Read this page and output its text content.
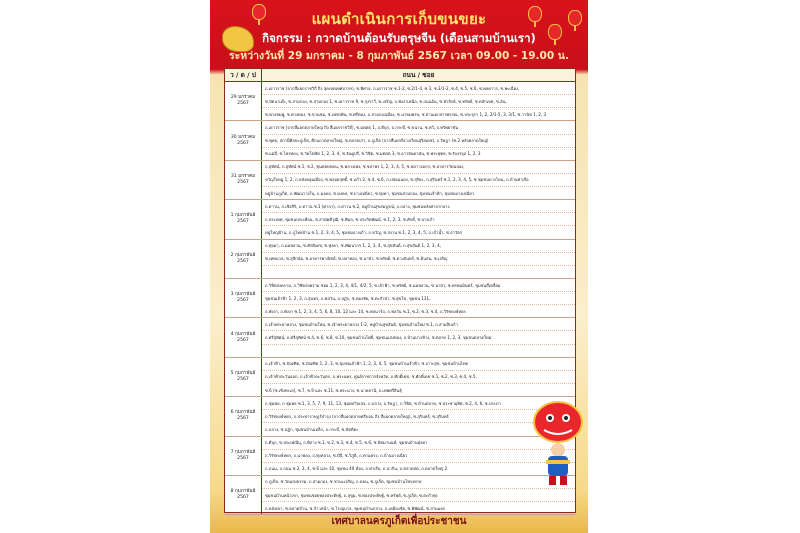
แผนดำเนินการเก็บขนขยะ
กิจกรรม : กวาดบ้านต้อนรับตรุษจีน (เดือนสามบ้านเรา)
ระหว่างวันที่ 29 มกราคม - 8 กุมภาพันธ์ 2567 เวลา 09.00 - 19.00 น.
ว / ด / ป	ถนน / ซอย
29 มกราคม
2567
ถ.เยาวราช (จากสี่แยกราชวิถี ถึง สุดเขตเทศบาลฯ), ซ.พิศาล, ถ.เยาวราช ซ.1-2, ซ.2/1-4, ซ.3, ซ.3/1-2, ซ.4, ซ.5, ซ.6, ซ.พลดาวร, ซ.พะเนียง,
ซ.ปัตนาเด๊ะ, ซ.สามกอง, ซ.สามกอง 1, ซ.เยาวราช 9, ซ.รุ่งราวี, ซ.เจริญ, ถ.พังงาเหนือ, ซ.ถนนอ้น, ซ.หัวสิงห์, ซ.ทรัพย์, ซ.หลักเขต, ซ.อัน,
ซ.พวงชมพู, ซ.พวงทอง, ซ.ขวนชม, ซ.เพชรพิน, ซ.ศรีทอง, ถ.สามกองเมือง, ซ.นาขมพรบ, ซ.ย่านเอกสารพรรณ, ซ.ประจุรา 1, 2, 2/1-5, 3, 3/1, ซ.วานิช 1, 2, 3
30 มกราคม
2567
ถ.เยาวราช (จากสี่แยกตลาดใหญ่ ถึง สี่แยกราชวิถี), ซ.มตตต 1, ถ.ดีบุก, ถ.กระบี่, ซ.ขนาน, ซ.ทวิ, ถ.ทรัพยาขัน
ซ.พุทธ, สถานีศิลปะภูเก็ต, ตึกแถวตลาดใหญ่, ซ.ตลาดเก่า, ถ.ภูเก็ต (จากสี่แยกถึงวงเวียนสุริยเดช), ถ.รัษฎา (ซ.2 หลังตลาดใหญ่)
ซ.แม่ลี่, ซ.ไทรทอง, ซ.วัดโฆษิต 1, 2, 3, 4, ซ.จันดูปรี, ซ.วิชิต, ซ.มตตต 3, ซ.อาวอันดามัน, ซ.พระพุทธ, ซ.รับงรจุล 1, 2, 3
31 มกราคม
2567
ถ.สุทัศน์, ถ.สุทัศน์ ซ.1, ซ.2, ซุนหยบขคน, ซ.พลวงเพ่ง, ซ.ชลาพร 1, 2, 3, 4, 5, ซ.พลาวงอกก, ซ.อาคารวัดฉลอง,
ขวัญใจหมู่ 1, 2, ถ.หลังคลุมเมือง, ซ.พลอยสุทธิ์, ซ.แก้ว 2, ซ.4, ซ.6, ถ.ปล่อนนอง, ซ.สุริยะ, ถ.สุรินทร์ ซ.1, 2, 3, 4, 5, ซ.ชุมชนบางโดน, ถ.บ้านท่าเรือ
หมู่บ้านภูเก็ต, ถ.พัฒนาวงใน, ถ.มงคล, ซ.มงคล, ซ.บางเหนียว, ซ.ทุ่งคา, ชุมชนสามกอง, ชุมชนเจ้าฟ้า, ชุมชนบางเหนียว
1 กุมภาพันธ์
2567
ถ.ด่าวน, ถ.เชิงสิริ, ถ.ด่าวน ซ.1 (ศาลา), ถ.ด่าวน ซ.2, หมู่บ้านสุขสมบูรณ์, ถ.ถลาง, ชุมชนหลังศาลากลาง
ถ.ประเทศ, ชุมชนประเทือน, ซ.สามัคคีวุฒิ, ซ.พิมล, ซ.ประกิตพัฒน์, ซ.1, 2, 3, ซ.ศักดิ์, ซ.บางเก้า
หมู่ใหญ่บ้าน, ถ.ภูไทยบ้าน ซ.1, 2, 3, 4, 5, ชุมชนบางเก้า, ถ.ขวัญ, ซ.สงวน ซ.1, 2, 3, 4, 5, ถ.เก้าน้ำ, ซ.สาวัตร
2 กุมภาพันธ์
2567
ถ.ทุ่งคา, ถ.แม่หลวน, ซ.ศักดิเดช, ซ.ทุ่งคา, ซ.พัฒนากร 1, 2, 3, 4, ซ.สุขสันต์, ถ.สุขสันต์ 1, 2, 3, 4,
ซ.เทพนวล, ซ.สุสิกนัย, ซ.อาคารพาณิชย์, ซ.ปลาทอง, ซ.นาบัว, ซ.ทรัพย์, ซ.ดวงจันทร์, ซ.ต้นสน, ซ.เจริญ
3 กุมภาพันธ์
2567
ถ.วิชิตสงคราม, ถ.วิชิตสงคราม ซอย 1, 2, 3, 4, 4/1, 4/2, 5, ซ.เจ้าฟ้า, ซ.ทรัพย์, ซ.แม่หลวน, ซ.นาบัว, ซ.พรหมมินทร์, ชุมชนสี่เหลี่ยม
ชุมชนเจ้าฟ้า 1, 2, 3, ถ.สุนทร, ถ.พลวัน, ถ.ปฏัก, ซ.ทองชัย, ซ.ตะกั่วป่า, ซ.สุขโข, ชุมชน 131,
ถ.พังงา, ถ.พังงา ซ.1, 2, 3, 4, 5, 6, 8, 10, 12 และ 14, ซ.พลนาร์ถ, ถ.พลวัน ซ.1, ซ.2, ซ.3, ซ.4, ถ.วิรัชหงษ์หยก
4 กุมภาพันธ์
2567
ถ.เจ้าพระยาหลวง, ชุมชนบ้านใหม่, ซ.เจ้าพระยาหลวง 1-2, หมู่บ้านสุขสันต์, ชุมชนบ้านใหม่ ซ.1, ถ.สามสิบเก้า
ถ.ศรีสุทัศน์, ถ.ศรีสุทัศน์ ซ.4, ซ.6, ซ.8, ซ.10, ชุมชนบ้านโพธิ์, ชุมชนแสงทอง, ถ.บ้านบางช้าง, ซ.ตลาด 1, 2, 3, ชุมชนตลาดใหม่
5 กุมภาพันธ์
2567
ถ.เจ้าฟ้า, ซ.ปัณฑิต, ซ.ปัณฑิต 1, 2, 3, ซ.ชุมชนเจ้าฟ้า 1, 2, 3, 4, 5, ชุมชนบ้านเจ้าฟ้า, ซ.เกาะสุข, ชุมชนบ้านไทย
ถ.เจ้าฟ้าตะวันออก, ถ.เจ้าฟ้าตะวันตก, ถ.พระนคร, ศูนย์ราชการจังหวัด, ถ.ศักดิ์เดช, ซ.ศักดิ์เดช ซ.1, ซ.2, ซ.3, ซ.4, ซ.5,
ซ.6 (ซ.เชิงทะเล), ซ.7, ซ.9 และ ซ.11, ซ.พระนาง, ซ.นาคธานี, ถ.เทพศรีสินธุ์
6 กุมภาพันธ์
2567
ถ.ชุมพล, ถ.ชุมพล ซ.1, 3, 5, 7, 9, 11, 13, ชุมพลวิลเลจ, ถ.ถลาง, ถ.รัษฎา, ถ.วิชิต, ซ.บ้านตลาด, ซ.ประชาอุทิศ, ซ.2, 4, 6, ซ.ประปา
ถ.วิรัชหงษ์หยก, ถ.ประชาราษฎร์บำรุง (จากสี่แยกตลาดศรีบอน ถึง สี่แยกตลาดใหญ่), ซ.สุรินทร์, ซ.สุรินทร์
ถ.ถลาง, ซ.ปฏัก, ชุมชนบ้านเหล็ก, ถ.กระบี่, ซ.ขัตติยะ
7 กุมภาพันธ์
2567
ถ.ดีบุก, ซ.ประเพณีบุ, ถ.ทิลวง ซ.1, ซ.2, ซ.3, ซ.4, ซ.5, ซ.6, ซ.ปัทมานนท์, ชุมชนบ้านทุ่งคา
ถ.วิรัชหงษ์หยก, ถ.นาพลง, ถ.ทุ่งหลวง, ซ.บีบี, ซ.วิภูติ, ถ.ท่าแครง, ถ.บ้านบางเนียว
ถ.ถนน, ถ.ถนน ซ.2, 3, 4, ซ.6 และ 10, ชุมชน 40 ห้อง, ถ.ท่าเรือ, ถ.นากิน, ถ.ตลาดสด, ถ.ตลาดใหญ่ 2
8 กุมภาพันธ์
2567
ถ.ภูเก็ต, ซ.วัดแสงธรรม, ถ.สามกอง, ซ.ชวนะเจริญ, ถ.ดอน, ซ.ภูเก็ต, ชุมชนบ้านโพรงหาย
ชุมชนบ้านหน้าเขา, ชุมชนซอยทองประดิษฐ์, ถ.สุขุม, ซ.ทองประดิษฐ์, ซ.ทรัพย์, ซ.ภูเก็ต, ซ.ตะกั่วทุ่ง
ถ.หลังเขา, ซ.ตลาดบ้าน, ซ.ก้าวหน้า, ซ.โรงอุบาล, ชุมชนบ้านกลาง, ถ.เหมืองชัย, ซ.พิพัฒน์, ซ.สามแยก
เทศบาลนครภูเก็ตเพื่อประชาชน
